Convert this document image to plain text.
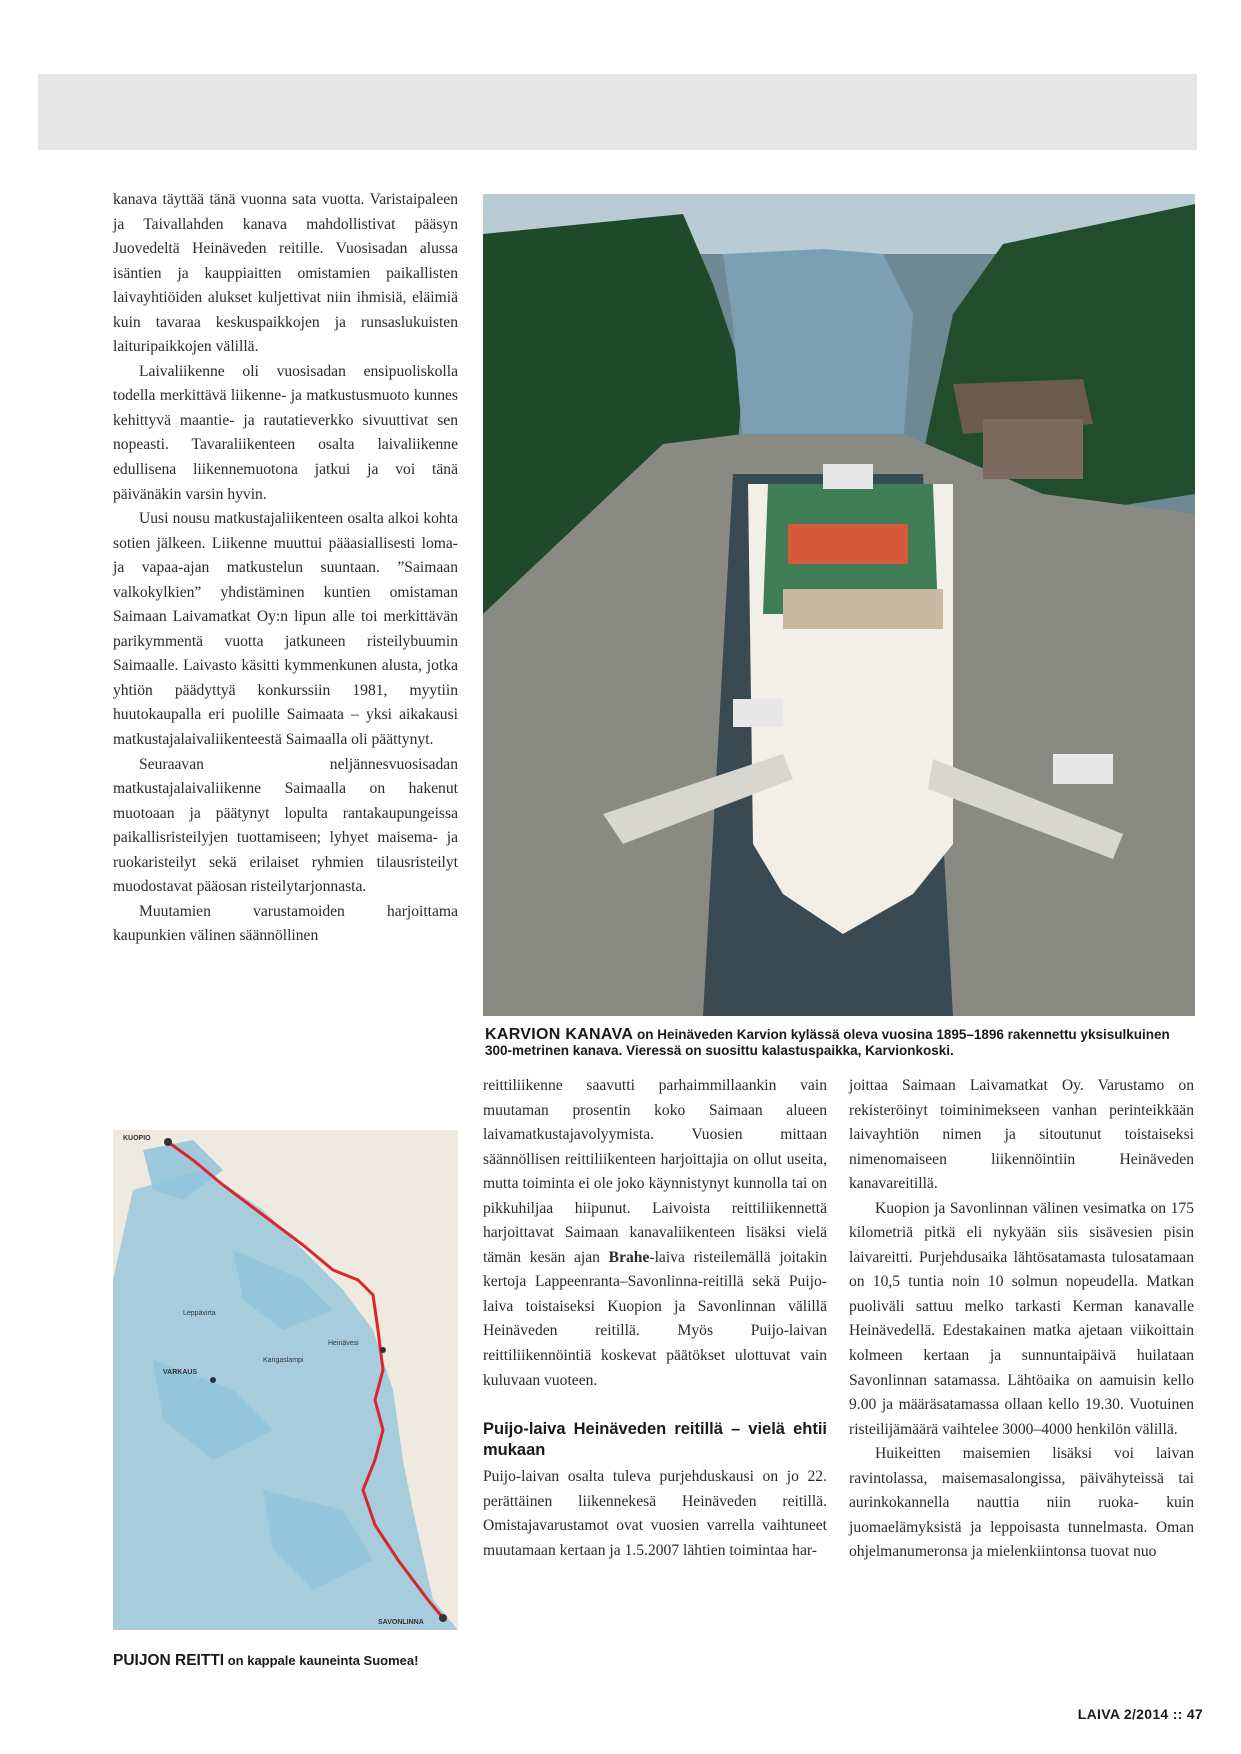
kanava täyttää tänä vuonna sata vuotta. Varistaipaleen ja Taivallahden kanava mahdollistivat pääsyn Juovedeltä Heinäveden reitille. Vuosisadan alussa isäntien ja kauppiaitten omistamien paikallisten laivayhtiöiden alukset kuljettivat niin ihmisiä, eläimiä kuin tavaraa keskuspaikkojen ja runsaslukuisten laituripaikkojen välillä.

Laivaliikenne oli vuosisadan ensipuoliskolla todella merkittävä liikenne- ja matkustusmuoto kunnes kehittyvä maantie- ja rautatieverkko sivuuttivat sen nopeasti. Tavaraliikenteen osalta laivaliikenne edullisena liikennemuotona jatkui ja voi tänä päivänäkin varsin hyvin.

Uusi nousu matkustajaliikenteen osalta alkoi kohta sotien jälkeen. Liikenne muuttui pääasiallisesti loma- ja vapaa-ajan matkustelun suuntaan. ”Saimaan valkokylkien” yhdistäminen kuntien omistaman Saimaan Laivamatkat Oy:n lipun alle toi merkittävän parikymmentä vuotta jatkuneen risteilybuumin Saimaalle. Laivasto käsitti kymmenkunen alusta, jotka yhtiön päädyttyä konkurssiin 1981, myytiin huutokaupalla eri puolille Saimaata – yksi aikakausi matkustajalaivaliikenteestä Saimaalla oli päättynyt.

Seuraavan neljännesvuosisadan matkustajalaivaliikenne Saimaalla on hakenut muotoaan ja päätynyt lopulta rantakaupungeissa paikallisristeilyjen tuottamiseen; lyhyet maisema- ja ruokaristeilyt sekä erilaiset ryhmien tilausristeilyt muodostavat pääosan risteilytarjonnasta.

Muutamien varustamoiden harjoittama kaupunkien välinen säännöllinen

KARVION KANAVA on Heinäveden Karvion kylässä oleva vuosina 1895–1896 rakennettu yksisulkuinen 300-metrinen kanava. Vieressä on suosittu kalastuspaikka, Karvionkoski.

reittiliikenne saavutti parhaimmillaankin vain muutaman prosentin koko Saimaan alueen laivamatkustajavolyymista. Vuosien mittaan säännöllisen reittiliikenteen harjoittajia on ollut useita, mutta toiminta ei ole joko käynnistynyt kunnolla tai on pikkuhiljaa hiipunut. Laivoista reittiliikennettä harjoittavat Saimaan kanavaliikenteen lisäksi vielä tämän kesän ajan Brahe-laiva risteilemällä joitakin kertoja Lappeenranta–Savonlinna-reitillä sekä Puijo-laiva toistaiseksi Kuopion ja Savonlinnan välillä Heinäveden reitillä. Myös Puijo-laivan reittiliikennöintiä koskevat päätökset ulottuvat vain kuluvaan vuoteen.

Puijo-laiva Heinäveden reitillä – vielä ehtii mukaan

Puijo-laivan osalta tuleva purjehduskausi on jo 22. perättäinen liikennekesä Heinäveden reitillä. Omistajavarustamot ovat vuosien varrella vaihtuneet muutamaan kertaan ja 1.5.2007 lähtien toimintaa har-

joittaa Saimaan Laivamatkat Oy. Varustamo on rekisteröinyt toiminimekseen vanhan perinteikkään laivayhtiön nimen ja sitoutunut toistaiseksi nimenomaiseen liikennöintiin Heinäveden kanavareitillä.

Kuopion ja Savonlinnan välinen vesimatka on 175 kilometriä pitkä eli nykyään siis sisävesien pisin laivareitti. Purjehdusaika lähtösatamasta tulosatamaan on 10,5 tuntia noin 10 solmun nopeudella. Matkan puoliväli sattuu melko tarkasti Kerman kanavalle Heinävedellä. Edestakainen matka ajetaan viikoittain kolmeen kertaan ja sunnuntaipäivä huilataan Savonlinnan satamassa. Lähtöaika on aamuisin kello 9.00 ja määräsatamassa ollaan kello 19.30. Vuotuinen risteilijämäärä vaihtelee 3000–4000 henkilön välillä.

Huikeitten maisemien lisäksi voi laivan ravintolassa, maisemasalongissa, päivähyteissä tai aurinkokannella nauttia niin ruoka- kuin juomaelämyksistä ja leppoisasta tunnelmasta. Oman ohjelmanumeronsa ja mielenkiintonsa tuovat nuo

KUOPIO
VARKAUS
SAVONLINNA
Heinävesi
Leppävirta
Kangaslampi
PUIJON REITTI on kappale kauneinta Suomea!
LAIVA 2/2014 :: 47
